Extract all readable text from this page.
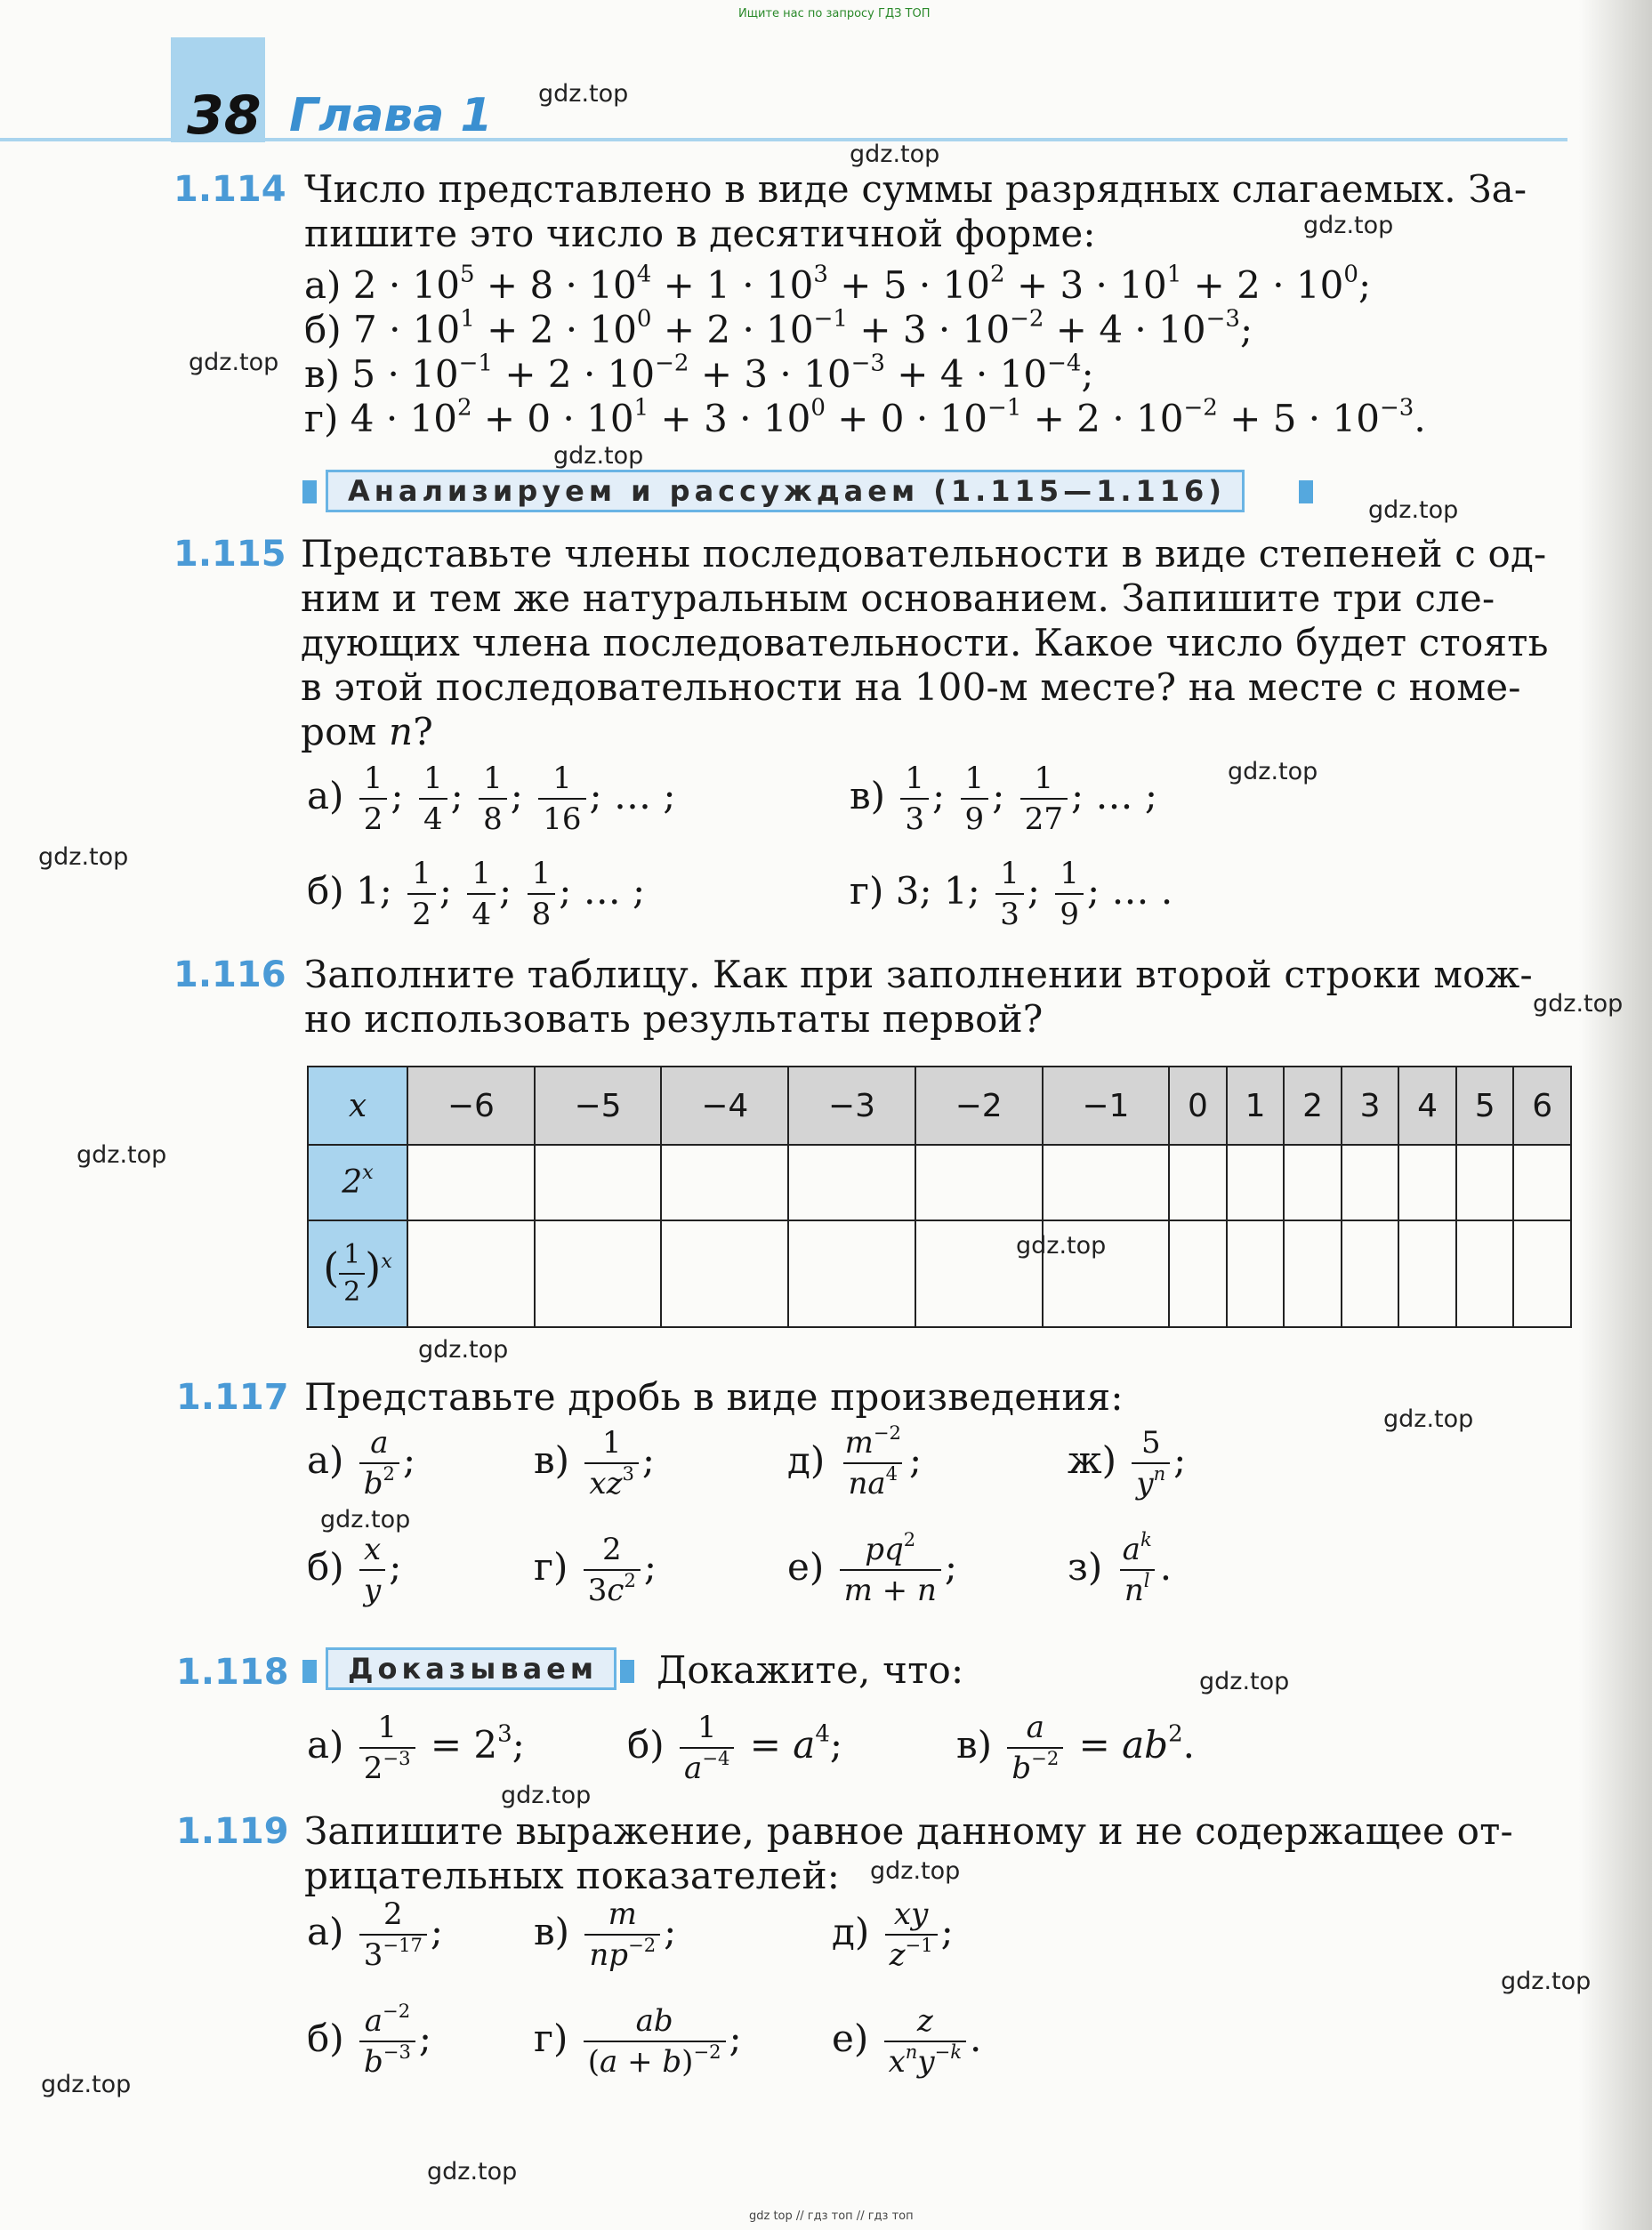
Ищите нас по запросу ГДЗ ТОП
gdz top // гдз топ // гдз топ
38 Глава 1
1.114 Число представлено в виде суммы разрядных слагаемых. За-
пишите это число в десятичной форме:
а) $2 \cdot 10^5 + 8 \cdot 10^4 + 1 \cdot 10^3 + 5 \cdot 10^2 + 3 \cdot 10^1 + 2 \cdot 10^0$;
б) $7 \cdot 10^1 + 2 \cdot 10^0 + 2 \cdot 10^{-1} + 3 \cdot 10^{-2} + 4 \cdot 10^{-3}$;
в) $5 \cdot 10^{-1} + 2 \cdot 10^{-2} + 3 \cdot 10^{-3} + 4 \cdot 10^{-4}$;
г) $4 \cdot 10^2 + 0 \cdot 10^1 + 3 \cdot 10^0 + 0 \cdot 10^{-1} + 2 \cdot 10^{-2} + 5 \cdot 10^{-3}$.
Анализируем и рассуждаем (1.115—1.116)
1.115 Представьте члены последовательности в виде степеней с од-
ним и тем же натуральным основанием. Запишите три сле-
дующих члена последовательности. Какое число будет стоять
в этой последовательности на 100-м месте? на месте с номе-
ром n?
$а) \frac{1}{2}$ ; $\frac{1}{4}$ ; $\frac{1}{8}$ ; $\frac{1}{16}$ ; … ;	$в) \frac{1}{3}$ ; $\frac{1}{9}$ ; $\frac{1}{27}$ ; … ;
б) 1; $\frac{1}{2}$ ; $\frac{1}{4}$ ; $\frac{1}{8}$ ; … ;	г) 3; 1; $\frac{1}{3}$ ; $\frac{1}{9}$ ; … .
1.116 Заполните таблицу. Как при заполнении второй строки мож-
но использовать результаты первой?
x	−6	−5	−4	−3	−2	−1	0	1	2	3	4	5	6
2$^x$													
( $\frac{1}{2} )^x$													
1.117 Представьте дробь в виде произведения:
$а) \frac{a}{b^2}$ ;	$в) \frac{1}{xz^3}$ ;	$д) \frac{m^{-2}}{na^4}$ ;	$ж) \frac{5}{y^n}$ ;
$б) \frac{x}{y}$ ;	$г) \frac{2}{3c^2}$ ;	$е) \frac{pq^2}{m + n}$ ;	$з) \frac{a^k}{n^l}$ .
1.118	Доказываем	Докажите, что:
$а) \frac{1}{2^{-3}} = 2^3$;	$б) \frac{1}{a^{-4}} = a^4$;	$в) \frac{a}{b^{-2}} = ab^2$.
1.119 Запишите выражение, равное данному и не содержащее от-
рицательных показателей:
$а) \frac{2}{3^{-17}}$ ; $в) \frac{m}{np^{-2}}$ ;	$д) \frac{xy}{z^{-1}}$ ;
$б) \frac{a^{-2}}{b^{-3}}$ ;	$г) \frac{ab}{(a + b)^{-2}}$ ; $е) \frac{z}{x^ny^{-k}}$ .
gdz.top
gdz.top
gdz.top
gdz.top
gdz.top
gdz.top
gdz.top
gdz.top
gdz.top
gdz.top
gdz.top
gdz.top
gdz.top
gdz.top
gdz.top
gdz.top
gdz.top
gdz.top
gdz.top
gdz.top
